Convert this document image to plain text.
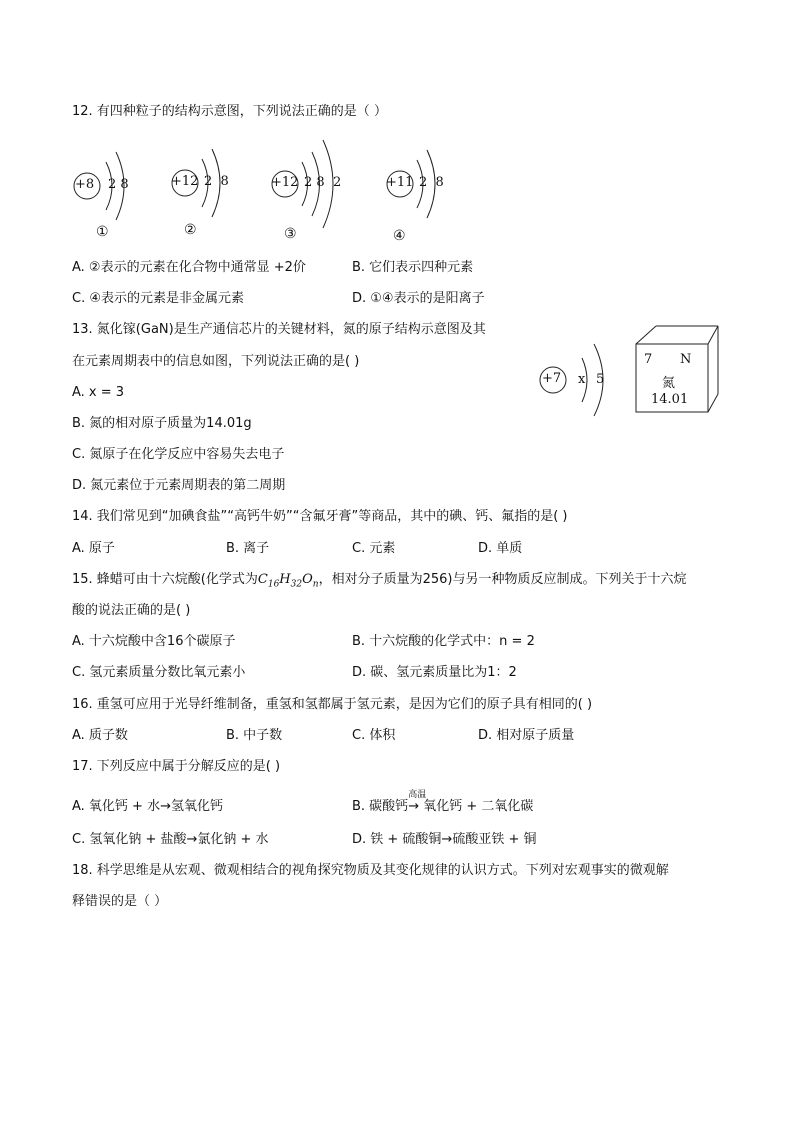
12. 有四种粒子的结构示意图，下列说法正确的是（ ）
+8 2 8
①
+12 2  8
②
+12 2 8  2
③
+11 2  8
④
A. ②表示的元素在化合物中通常显 +2价	B. 它们表示四种元素
C. ④表示的元素是非金属元素	D. ①④表示的是阳离子
13. 氮化镓(GaN)是生产通信芯片的关键材料，氮的原子结构示意图及其
在元素周期表中的信息如图，下列说法正确的是( )
+7 x 5
7 N
氮
14.01
A. x = 3
B. 氮的相对原子质量为14.01g
C. 氮原子在化学反应中容易失去电子
D. 氮元素位于元素周期表的第二周期
14. 我们常见到“加碘食盐”“高钙牛奶”“含氟牙膏”等商品，其中的碘、钙、氟指的是( )
A. 原子	B. 离子	C. 元素	D. 单质
15. 蜂蜡可由十六烷酸(化学式为$C_{16}H_{32}O_n$，相对分子质量为256)与另一种物质反应制成。下列关于十六烷
酸的说法正确的是( )
A. 十六烷酸中含16个碳原子	B. 十六烷酸的化学式中：n = 2
C. 氢元素质量分数比氧元素小	D. 碳、氢元素质量比为1：2
16. 重氢可应用于光导纤维制备，重氢和氢都属于氢元素，是因为它们的原子具有相同的( )
A. 质子数	B. 中子数	C. 体积	D. 相对原子质量
17. 下列反应中属于分解反应的是( )
A. 氧化钙 + 水→氢氧化钙	B. 碳酸钙
高温
→ 氧化钙 + 二氧化碳
C. 氢氧化钠 + 盐酸→氯化钠 + 水	D. 铁 + 硫酸铜→硫酸亚铁 + 铜
18. 科学思维是从宏观、微观相结合的视角探究物质及其变化规律的认识方式。下列对宏观事实的微观解
释错误的是（ ）
